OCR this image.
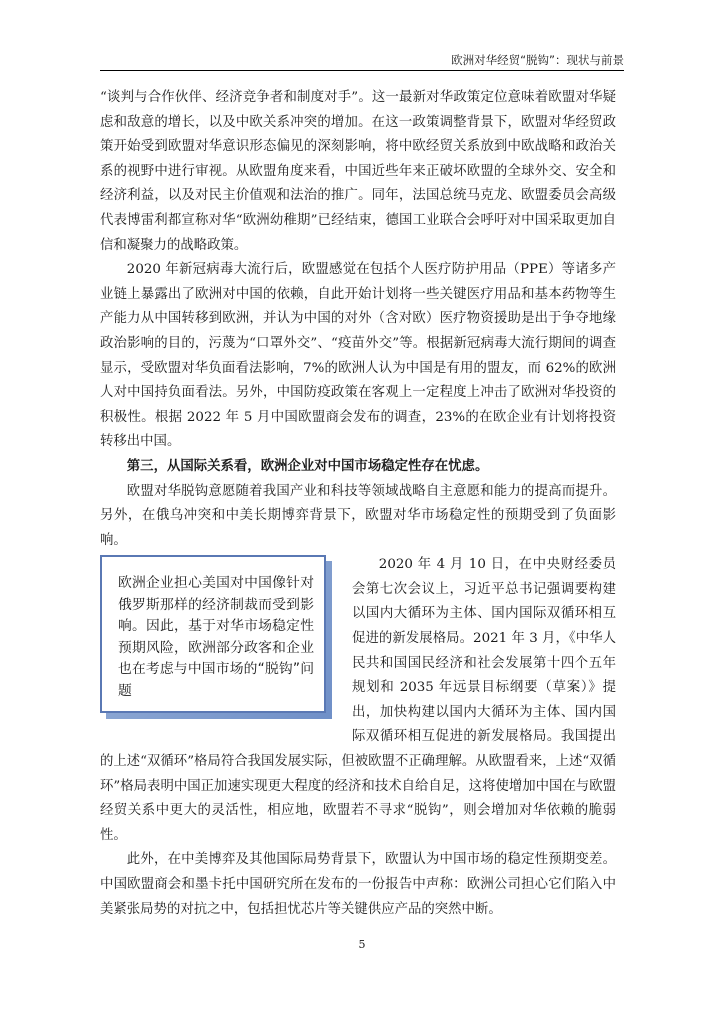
欧洲对华经贸“脱钩”：现状与前景

“谈判与合作伙伴、经济竞争者和制度对手”。这一最新对华政策定位意味着欧盟对华疑虑和敌意的增长，以及中欧关系冲突的增加。在这一政策调整背景下，欧盟对华经贸政策开始受到欧盟对华意识形态偏见的深刻影响，将中欧经贸关系放到中欧战略和政治关系的视野中进行审视。从欧盟角度来看，中国近些年来正破坏欧盟的全球外交、安全和经济利益，以及对民主价值观和法治的推广。同年，法国总统马克龙、欧盟委员会高级代表博雷利都宣称对华“欧洲幼稚期”已经结束，德国工业联合会呼吁对中国采取更加自信和凝聚力的战略政策。

2020 年新冠病毒大流行后，欧盟感觉在包括个人医疗防护用品（PPE）等诸多产业链上暴露出了欧洲对中国的依赖，自此开始计划将一些关键医疗用品和基本药物等生产能力从中国转移到欧洲，并认为中国的对外（含对欧）医疗物资援助是出于争夺地缘政治影响的目的，污蔑为“口罩外交”、“疫苗外交”等。根据新冠病毒大流行期间的调查显示，受欧盟对华负面看法影响，7%的欧洲人认为中国是有用的盟友，而 62%的欧洲人对中国持负面看法。另外，中国防疫政策在客观上一定程度上冲击了欧洲对华投资的积极性。根据 2022 年 5 月中国欧盟商会发布的调查，23%的在欧企业有计划将投资转移出中国。

第三，从国际关系看，欧洲企业对中国市场稳定性存在忧虑。

欧盟对华脱钩意愿随着我国产业和科技等领域战略自主意愿和能力的提高而提升。另外，在俄乌冲突和中美长期博弈背景下，欧盟对华市场稳定性的预期受到了负面影响。

欧洲企业担心美国对中国像针对俄罗斯那样的经济制裁而受到影响。因此，基于对华市场稳定性预期风险，欧洲部分政客和企业也在考虑与中国市场的“脱钩”问题

2020 年 4 月 10 日，在中央财经委员会第七次会议上，习近平总书记强调要构建以国内大循环为主体、国内国际双循环相互促进的新发展格局。2021 年 3 月，《中华人民共和国国民经济和社会发展第十四个五年规划和 2035 年远景目标纲要（草案）》提出，加快构建以国内大循环为主体、国内国际双循环相互促进的新发展格局。我国提出的上述“双循环”格局符合我国发展实际，但被欧盟不正确理解。从欧盟看来，上述“双循环”格局表明中国正加速实现更大程度的经济和技术自给自足，这将使增加中国在与欧盟经贸关系中更大的灵活性，相应地，欧盟若不寻求“脱钩”，则会增加对华依赖的脆弱性。

此外，在中美博弈及其他国际局势背景下，欧盟认为中国市场的稳定性预期变差。中国欧盟商会和墨卡托中国研究所在发布的一份报告中声称：欧洲公司担心它们陷入中美紧张局势的对抗之中，包括担忧芯片等关键供应产品的突然中断。

5
